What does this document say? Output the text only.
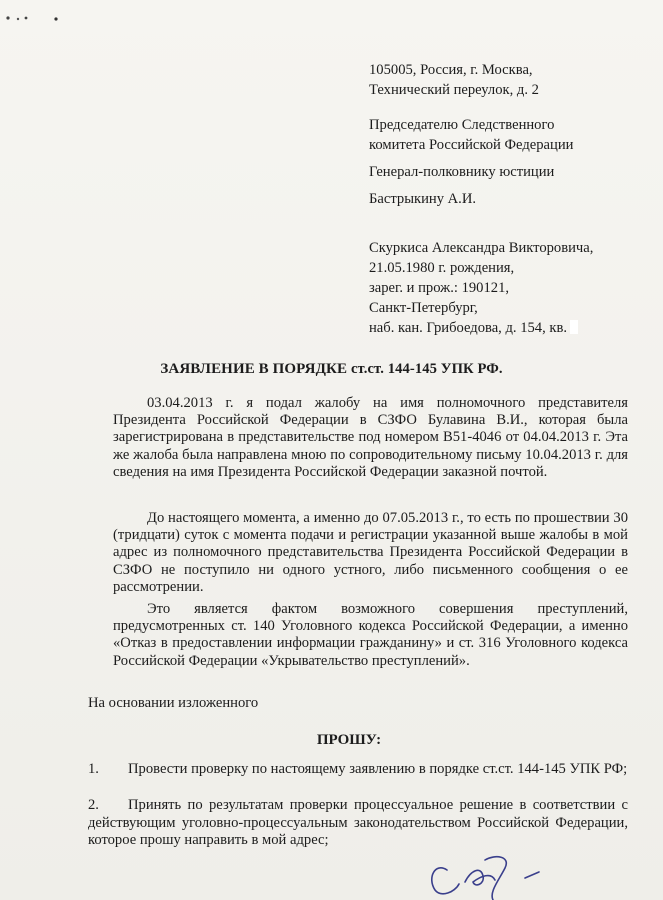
105005, Россия, г. Москва,
Технический переулок, д. 2
Председателю Следственного
комитета Российской Федерации
Генерал-полковнику юстиции
Бастрыкину А.И.
Скуркиса Александра Викторовича,
21.05.1980 г. рождения,
зарег. и прож.: 190121,
Санкт-Петербург,
наб. кан. Грибоедова, д. 154, кв.
ЗАЯВЛЕНИЕ В ПОРЯДКЕ ст.ст. 144-145 УПК РФ.

03.04.2013 г. я подал жалобу на имя полномочного представителя Президента Российской Федерации в СЗФО Булавина В.И., которая была зарегистрирована в представительстве под номером В51-4046 от 04.04.2013 г. Эта же жалоба была направлена мною по сопроводительному письму 10.04.2013 г. для сведения на имя Президента Российской Федерации заказной почтой.

До настоящего момента, а именно до 07.05.2013 г., то есть по прошествии 30 (тридцати) суток с момента подачи и регистрации указанной выше жалобы в мой адрес из полномочного представительства Президента Российской Федерации в СЗФО не поступило ни одного устного, либо письменного сообщения о ее рассмотрении.

Это является фактом возможного совершения преступлений, предусмотренных ст. 140 Уголовного кодекса Российской Федерации, а именно «Отказ в предоставлении информации гражданину» и ст. 316 Уголовного кодекса Российской Федерации «Укрывательство преступлений».

На основании изложенного
ПРОШУ:
1. Провести проверку по настоящему заявлению в порядке ст.ст. 144-145 УПК РФ;
2. Принять по результатам проверки процессуальное решение в соответствии с действующим уголовно-процессуальным законодательством Российской Федерации, которое прошу направить в мой адрес;
